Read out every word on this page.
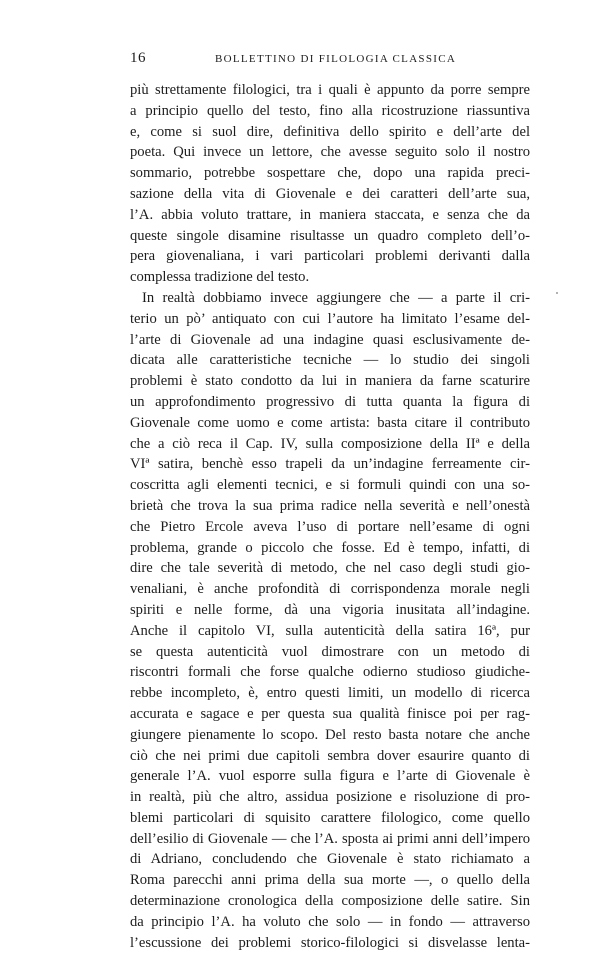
16	BOLLETTINO DI FILOLOGIA CLASSICA
più strettamente filologici, tra i quali è appunto da porre sempre
a principio quello del testo, fino alla ricostruzione riassuntiva
e, come si suol dire, definitiva dello spirito e dell’arte del
poeta. Qui invece un lettore, che avesse seguito solo il nostro
sommario, potrebbe sospettare che, dopo una rapida preci-
sazione della vita di Giovenale e dei caratteri dell’arte sua,
l’A. abbia voluto trattare, in maniera staccata, e senza che da
queste singole disamine risultasse un quadro completo dell’o-
pera giovenaliana, i vari particolari problemi derivanti dalla
complessa tradizione del testo.
In realtà dobbiamo invece aggiungere che — a parte il cri-
terio un pò’ antiquato con cui l’autore ha limitato l’esame del-
l’arte di Giovenale ad una indagine quasi esclusivamente de-
dicata alle caratteristiche tecniche — lo studio dei singoli
problemi è stato condotto da lui in maniera da farne scaturire
un approfondimento progressivo di tutta quanta la figura di
Giovenale come uomo e come artista: basta citare il contributo
che a ciò reca il Cap. IV, sulla composizione della IIª e della
VIª satira, benchè esso trapeli da un’indagine ferreamente cir-
coscritta agli elementi tecnici, e si formuli quindi con una so-
brietà che trova la sua prima radice nella severità e nell’onestà
che Pietro Ercole aveva l’uso di portare nell’esame di ogni
problema, grande o piccolo che fosse. Ed è tempo, infatti, di
dire che tale severità di metodo, che nel caso degli studi gio-
venaliani, è anche profondità di corrispondenza morale negli
spiriti e nelle forme, dà una vigoria inusitata all’indagine.
Anche il capitolo VI, sulla autenticità della satira 16ª, pur
se questa autenticità vuol dimostrare con un metodo di
riscontri formali che forse qualche odierno studioso giudiche-
rebbe incompleto, è, entro questi limiti, un modello di ricerca
accurata e sagace e per questa sua qualità finisce poi per rag-
giungere pienamente lo scopo. Del resto basta notare che anche
ciò che nei primi due capitoli sembra dover esaurire quanto di
generale l’A. vuol esporre sulla figura e l’arte di Giovenale è
in realtà, più che altro, assidua posizione e risoluzione di pro-
blemi particolari di squisito carattere filologico, come quello
dell’esilio di Giovenale — che l’A. sposta ai primi anni dell’impero
di Adriano, concludendo che Giovenale è stato richiamato a
Roma parecchi anni prima della sua morte —, o quello della
determinazione cronologica della composizione delle satire. Sin
da principio l’A. ha voluto che solo — in fondo — attraverso
l’escussione dei problemi storico-filologici si disvelasse lenta-
